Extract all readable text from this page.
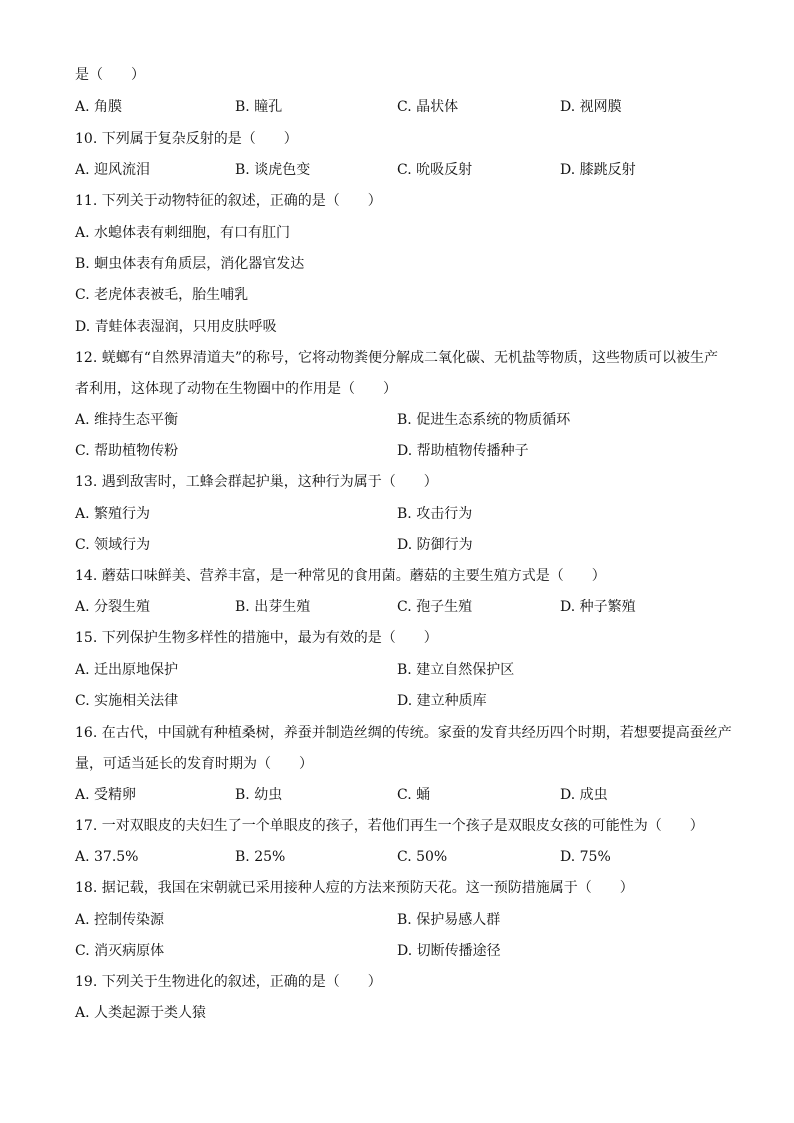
是（　　）
A. 角膜	B. 瞳孔	C. 晶状体	D. 视网膜
10. 下列属于复杂反射的是（　　）
A. 迎风流泪	B. 谈虎色变	C. 吮吸反射	D. 膝跳反射
11. 下列关于动物特征的叙述，正确的是（　　）
A. 水螅体表有刺细胞，有口有肛门
B. 蛔虫体表有角质层，消化器官发达
C. 老虎体表被毛，胎生哺乳
D. 青蛙体表湿润，只用皮肤呼吸
12. 蜣螂有“自然界清道夫”的称号，它将动物粪便分解成二氧化碳、无机盐等物质，这些物质可以被生产
者利用，这体现了动物在生物圈中的作用是（　　）
A. 维持生态平衡	B. 促进生态系统的物质循环
C. 帮助植物传粉	D. 帮助植物传播种子
13. 遇到敌害时，工蜂会群起护巢，这种行为属于（　　）
A. 繁殖行为	B. 攻击行为
C. 领域行为	D. 防御行为
14. 蘑菇口味鲜美、营养丰富，是一种常见的食用菌。蘑菇的主要生殖方式是（　　）
A. 分裂生殖	B. 出芽生殖	C. 孢子生殖	D. 种子繁殖
15. 下列保护生物多样性的措施中，最为有效的是（　　）
A. 迁出原地保护	B. 建立自然保护区
C. 实施相关法律	D. 建立种质库
16. 在古代，中国就有种植桑树，养蚕并制造丝绸的传统。家蚕的发育共经历四个时期，若想要提高蚕丝产
量，可适当延长的发育时期为（　　）
A. 受精卵	B. 幼虫	C. 蛹	D. 成虫
17. 一对双眼皮的夫妇生了一个单眼皮的孩子，若他们再生一个孩子是双眼皮女孩的可能性为（　　）
A. 37.5%	B. 25%	C. 50%	D. 75%
18. 据记载，我国在宋朝就已采用接种人痘的方法来预防天花。这一预防措施属于（　　）
A. 控制传染源	B. 保护易感人群
C. 消灭病原体	D. 切断传播途径
19. 下列关于生物进化的叙述，正确的是（　　）
A. 人类起源于类人猿
